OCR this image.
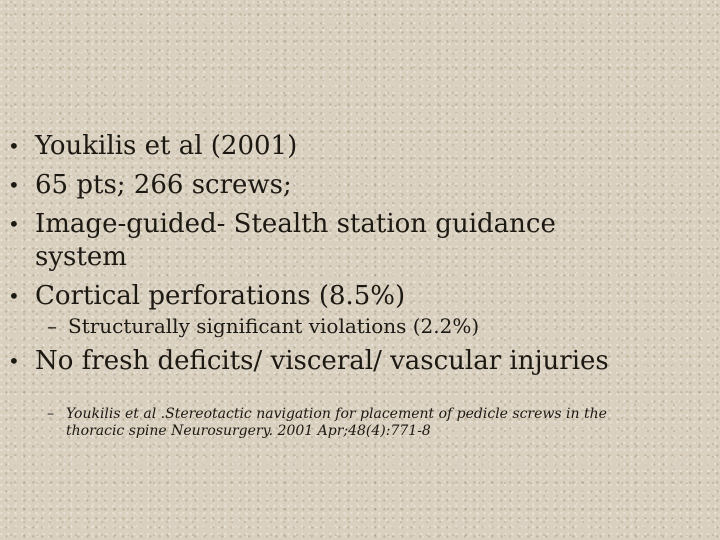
• Youkilis et al (2001)
• 65 pts; 266 screws;
• Image-guided- Stealth station guidance system
• Cortical perforations (8.5%)
– Structurally significant violations (2.2%)
• No fresh deficits/ visceral/ vascular injuries
– Youkilis et al .Stereotactic navigation for placement of pedicle screws in the thoracic spine Neurosurgery. 2001 Apr;48(4):771-8
